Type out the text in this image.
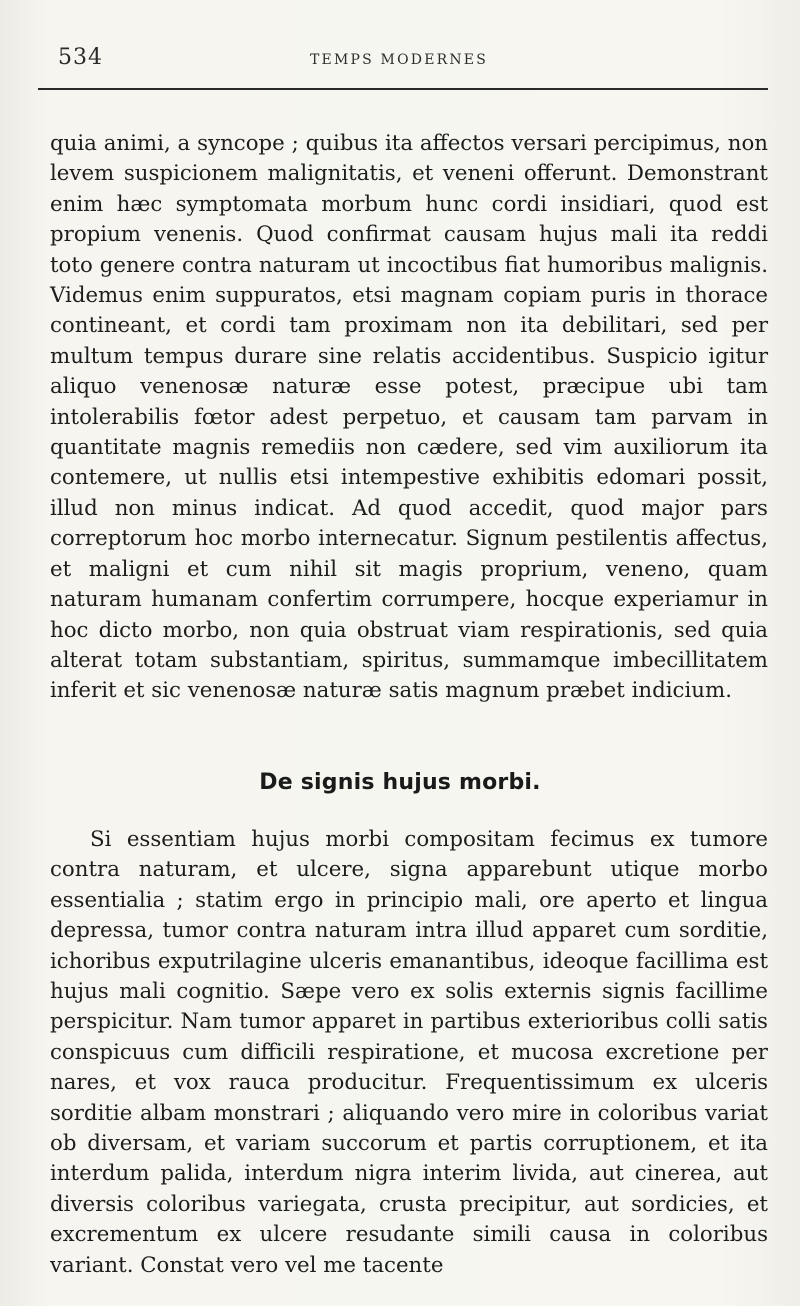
534	TEMPS MODERNES

quia animi, a syncope ; quibus ita affectos versari percipimus, non levem suspicionem malignitatis, et veneni offerunt. Demonstrant enim hæc symptomata morbum hunc cordi insidiari, quod est propium venenis. Quod confirmat causam hujus mali ita reddi toto genere contra naturam ut incoctibus fiat humoribus malignis. Videmus enim suppuratos, etsi magnam copiam puris in thorace contineant, et cordi tam proximam non ita debilitari, sed per multum tempus durare sine relatis accidentibus. Suspicio igitur aliquo venenosæ naturæ esse potest, præcipue ubi tam intolerabilis fœtor adest perpetuo, et causam tam parvam in quantitate magnis remediis non cædere, sed vim auxiliorum ita contemere, ut nullis etsi intempestive exhibitis edomari possit, illud non minus indicat. Ad quod accedit, quod major pars correptorum hoc morbo internecatur. Signum pestilentis affectus, et maligni et cum nihil sit magis proprium, veneno, quam naturam humanam confertim corrumpere, hocque experiamur in hoc dicto morbo, non quia obstruat viam respirationis, sed quia alterat totam substantiam, spiritus, summamque imbecillitatem inferit et sic venenosæ naturæ satis magnum præbet indicium.

De signis hujus morbi.

Si essentiam hujus morbi compositam fecimus ex tumore contra naturam, et ulcere, signa apparebunt utique morbo essentialia ; statim ergo in principio mali, ore aperto et lingua depressa, tumor contra naturam intra illud apparet cum sorditie, ichoribus exputrilagine ulceris emanantibus, ideoque facillima est hujus mali cognitio. Sæpe vero ex solis externis signis facillime perspicitur. Nam tumor apparet in partibus exterioribus colli satis conspicuus cum difficili respiratione, et mucosa excretione per nares, et vox rauca producitur. Frequentissimum ex ulceris sorditie albam monstrari ; aliquando vero mire in coloribus variat ob diversam, et variam succorum et partis corruptionem, et ita interdum palida, interdum nigra interim livida, aut cinerea, aut diversis coloribus variegata, crusta precipitur, aut sordicies, et excrementum ex ulcere resudante simili causa in coloribus variant. Constat vero vel me tacente
